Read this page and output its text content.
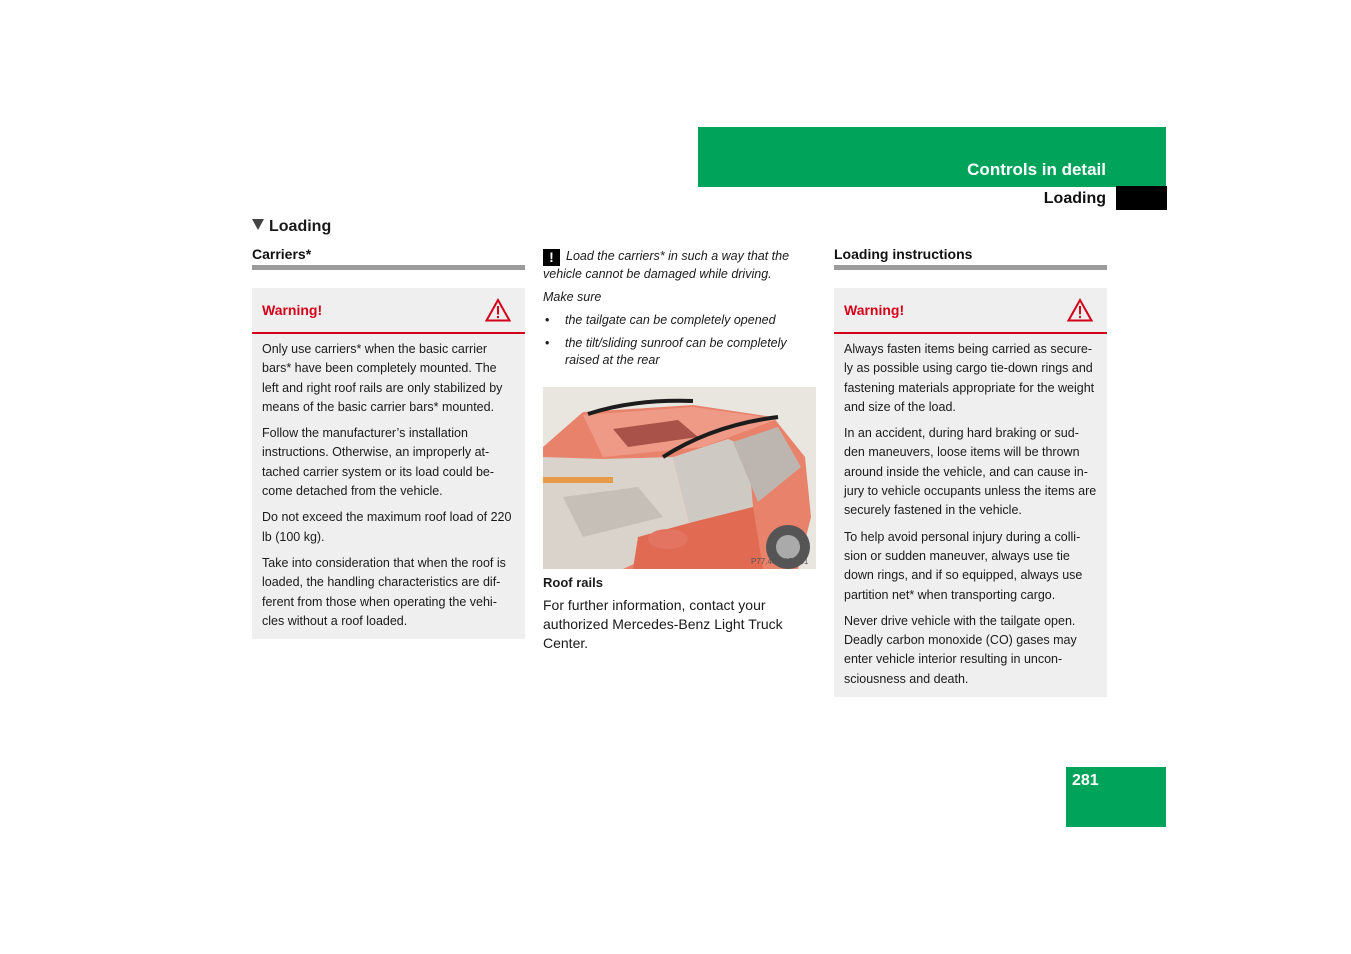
Controls in detail
Loading
Loading
Carriers*
Warning!

Only use carriers* when the basic carrier bars* have been completely mounted. The left and right roof rails are only stabilized by means of the basic carrier bars* mounted.

Follow the manufacturer’s installation instructions. Otherwise, an improperly at-tached carrier system or its load could be-come detached from the vehicle.

Do not exceed the maximum roof load of 220 lb (100 kg).

Take into consideration that when the roof is loaded, the handling characteristics are dif-ferent from those when operating the vehi-cles without a roof loaded.

! Load the carriers* in such a way that the vehicle cannot be damaged while driving.

Make sure

• the tailgate can be completely opened
• the tilt/sliding sunroof can be completely raised at the rear
P77.40-2059-31
Roof rails
For further information, contact your authorized Mercedes-Benz Light Truck Center.
Loading instructions
Warning!

Always fasten items being carried as secure-ly as possible using cargo tie-down rings and fastening materials appropriate for the weight and size of the load.

In an accident, during hard braking or sud-den maneuvers, loose items will be thrown around inside the vehicle, and can cause in-jury to vehicle occupants unless the items are securely fastened in the vehicle.

To help avoid personal injury during a colli-sion or sudden maneuver, always use tie down rings, and if so equipped, always use partition net* when transporting cargo.

Never drive vehicle with the tailgate open. Deadly carbon monoxide (CO) gases may enter vehicle interior resulting in uncon-sciousness and death.

281
